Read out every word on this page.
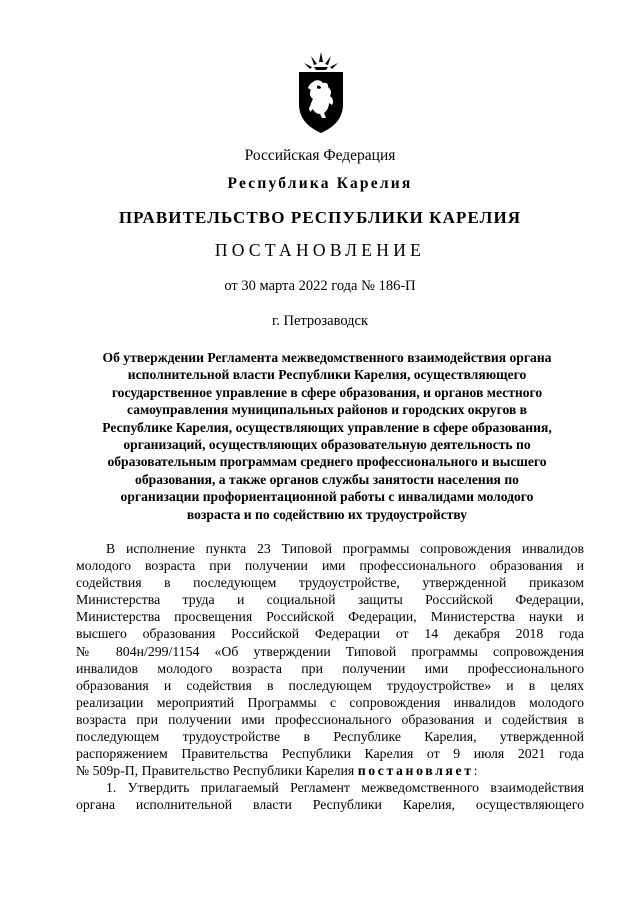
Российская Федерация
Республика Карелия
ПРАВИТЕЛЬСТВО РЕСПУБЛИКИ КАРЕЛИЯ
ПОСТАНОВЛЕНИЕ
от 30 марта 2022 года № 186-П
г. Петрозаводск
Об утверждении Регламента межведомственного взаимодействия органа
исполнительной власти Республики Карелия, осуществляющего
государственное управление в сфере образования, и органов местного
самоуправления муниципальных районов и городских округов в
Республике Карелия, осуществляющих управление в сфере образования,
организаций, осуществляющих образовательную деятельность по
образовательным программам среднего профессионального и высшего
образования, а также органов службы занятости населения по
организации профориентационной работы с инвалидами молодого
возраста и по содействию их трудоустройству
В исполнение пункта 23 Типовой программы сопровождения инвалидов
молодого возраста при получении ими профессионального образования и
содействия в последующем трудоустройстве, утвержденной приказом
Министерства труда и социальной защиты Российской Федерации,
Министерства просвещения Российской Федерации, Министерства науки и
высшего образования Российской Федерации от 14 декабря 2018 года
№ 804н/299/1154 «Об утверждении Типовой программы сопровождения
инвалидов молодого возраста при получении ими профессионального
образования и содействия в последующем трудоустройстве» и в целях
реализации мероприятий Программы с сопровождения инвалидов молодого
возраста при получении ими профессионального образования и содействия в
последующем трудоустройстве в Республике Карелия, утвержденной
распоряжением Правительства Республики Карелия от 9 июля 2021 года
№ 509р-П, Правительство Республики Карелия постановляет:
1. Утвердить прилагаемый Регламент межведомственного взаимодействия
органа исполнительной власти Республики Карелия, осуществляющего
